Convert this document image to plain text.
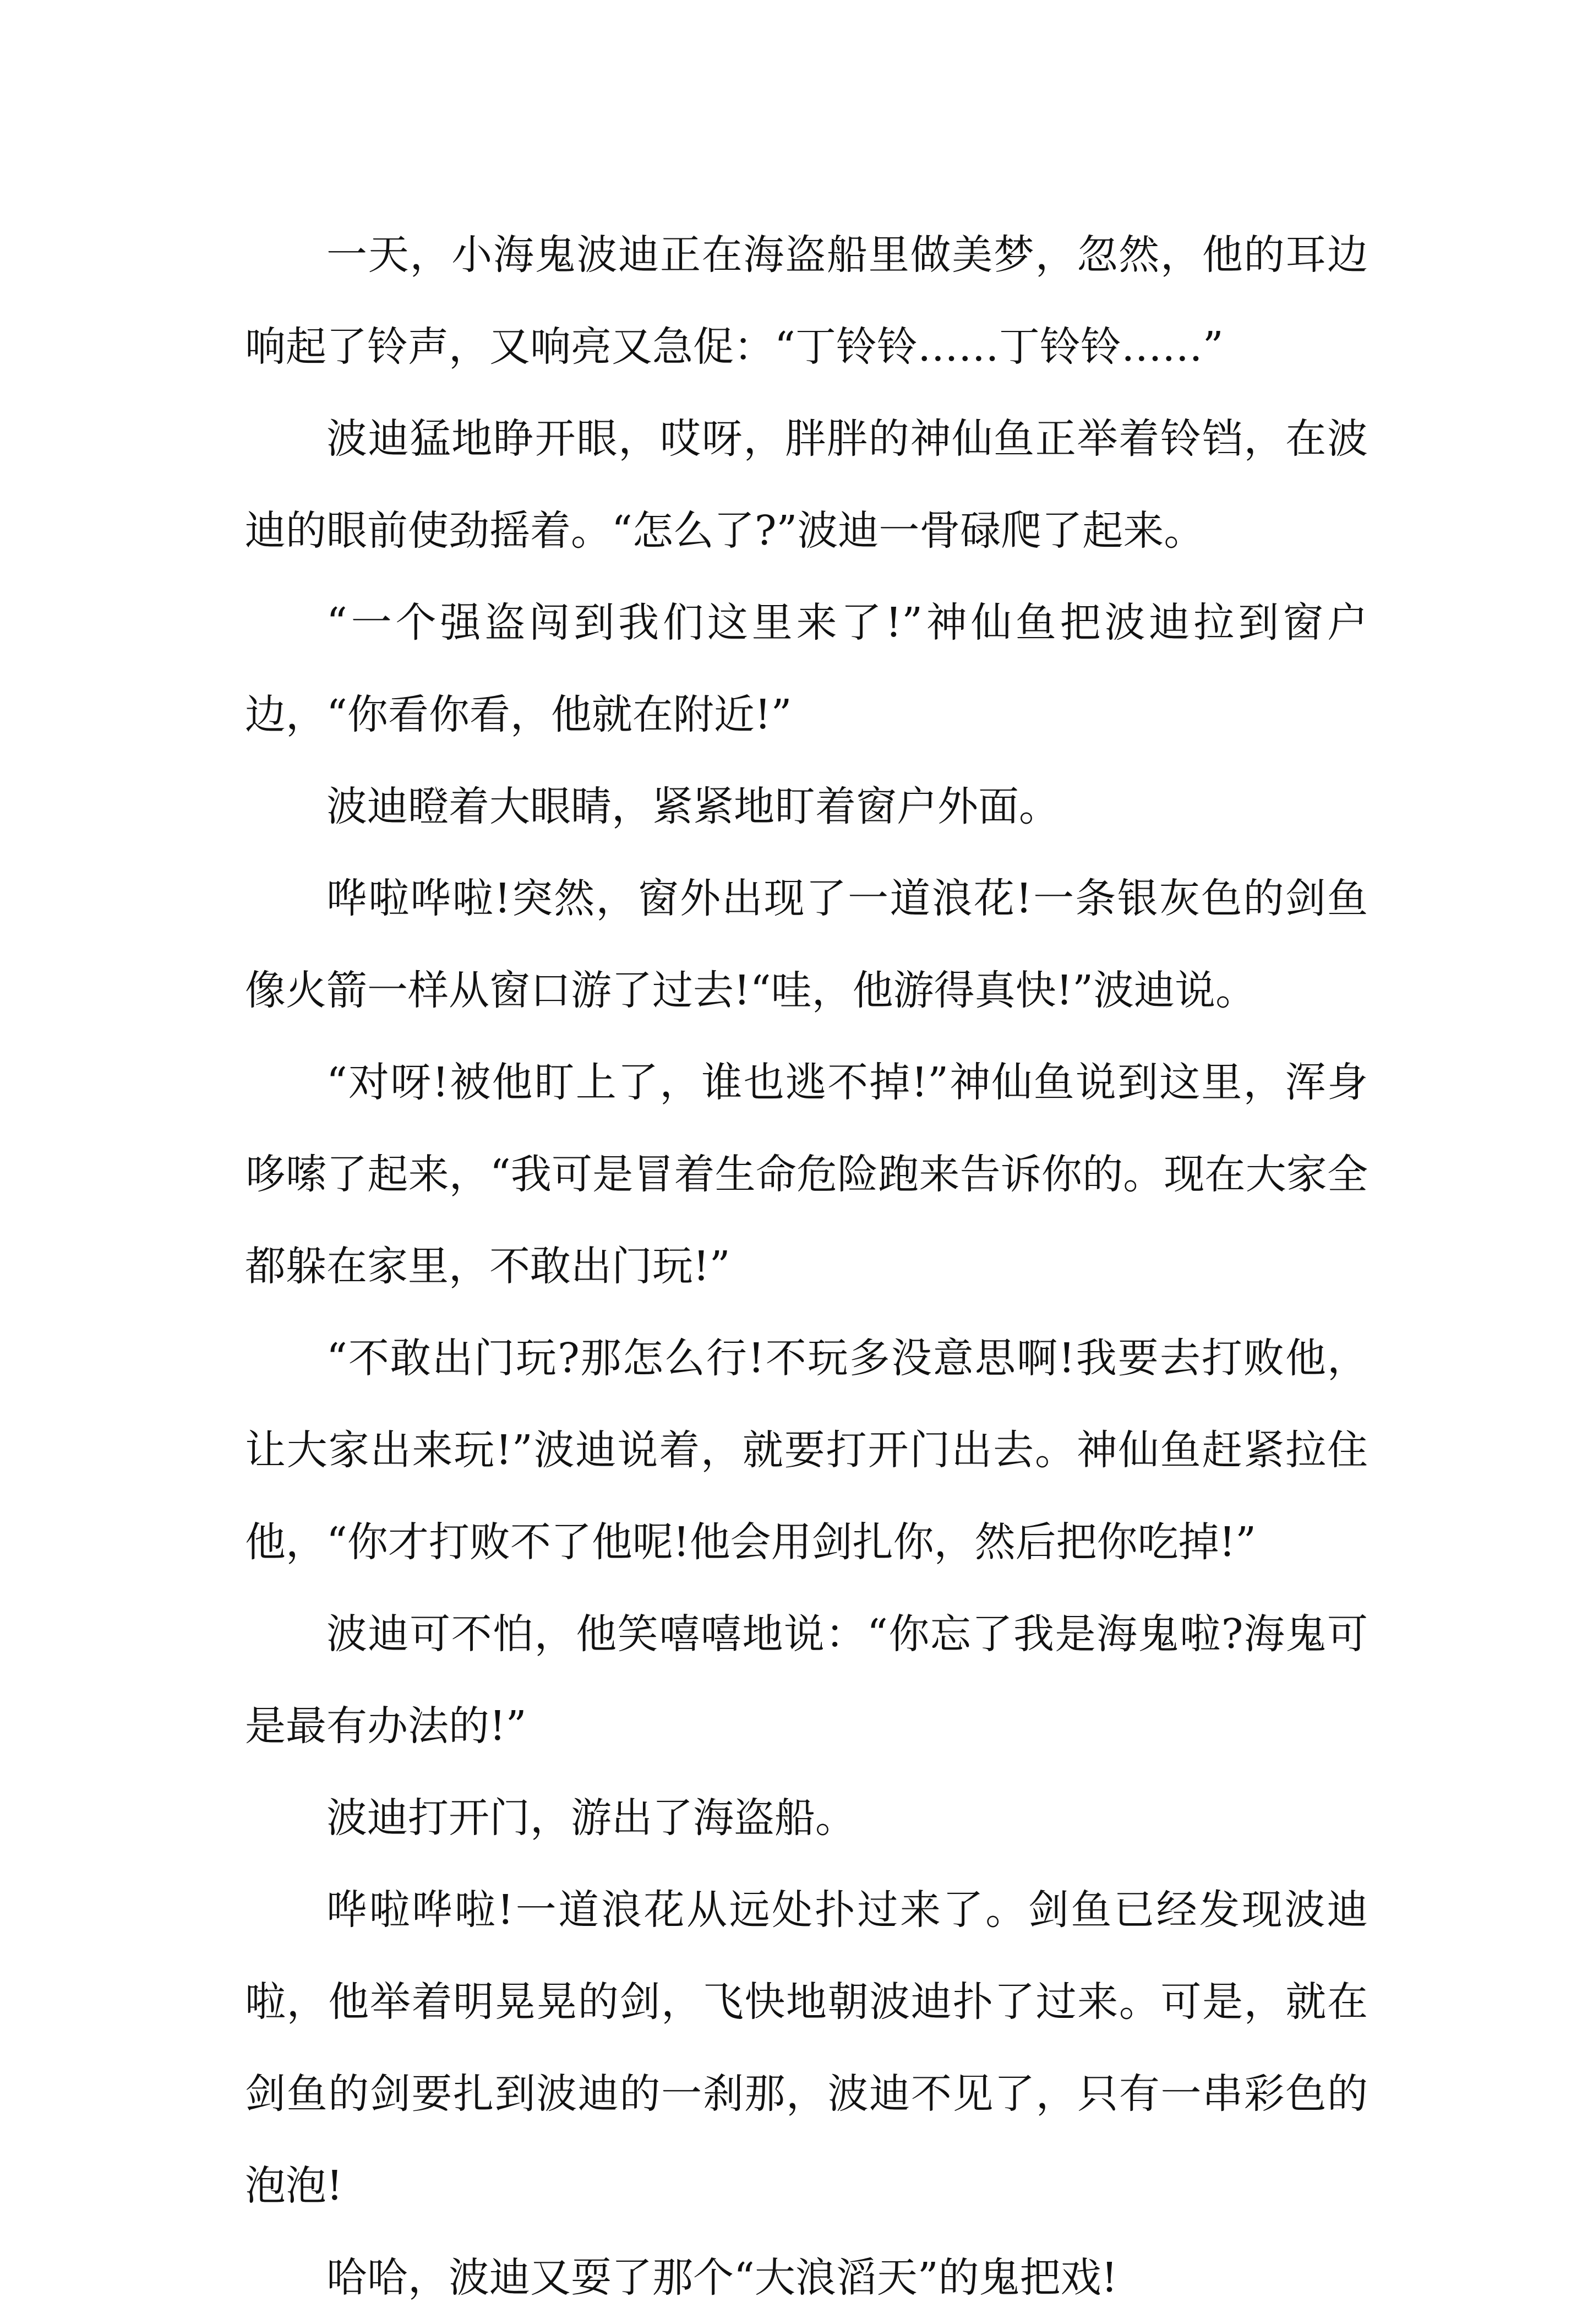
一天，小海鬼波迪正在海盗船里做美梦，忽然，他的耳边响起了铃声，又响亮又急促：“丁铃铃……丁铃铃……”

波迪猛地睁开眼，哎呀，胖胖的神仙鱼正举着铃铛，在波迪的眼前使劲摇着。“怎么了?”波迪一骨碌爬了起来。

“一个强盗闯到我们这里来了!”神仙鱼把波迪拉到窗户边，“你看你看，他就在附近!”

波迪瞪着大眼睛，紧紧地盯着窗户外面。

哗啦哗啦!突然，窗外出现了一道浪花!一条银灰色的剑鱼像火箭一样从窗口游了过去!“哇，他游得真快!”波迪说。

“对呀!被他盯上了，谁也逃不掉!”神仙鱼说到这里，浑身哆嗦了起来，“我可是冒着生命危险跑来告诉你的。现在大家全都躲在家里，不敢出门玩!”

“不敢出门玩?那怎么行!不玩多没意思啊!我要去打败他，让大家出来玩!”波迪说着，就要打开门出去。神仙鱼赶紧拉住他，“你才打败不了他呢!他会用剑扎你，然后把你吃掉!”

波迪可不怕，他笑嘻嘻地说：“你忘了我是海鬼啦?海鬼可是最有办法的!”

波迪打开门，游出了海盗船。

哗啦哗啦!一道浪花从远处扑过来了。剑鱼已经发现波迪啦，他举着明晃晃的剑，飞快地朝波迪扑了过来。可是，就在剑鱼的剑要扎到波迪的一刹那，波迪不见了，只有一串彩色的泡泡!

哈哈，波迪又耍了那个“大浪滔天”的鬼把戏!
